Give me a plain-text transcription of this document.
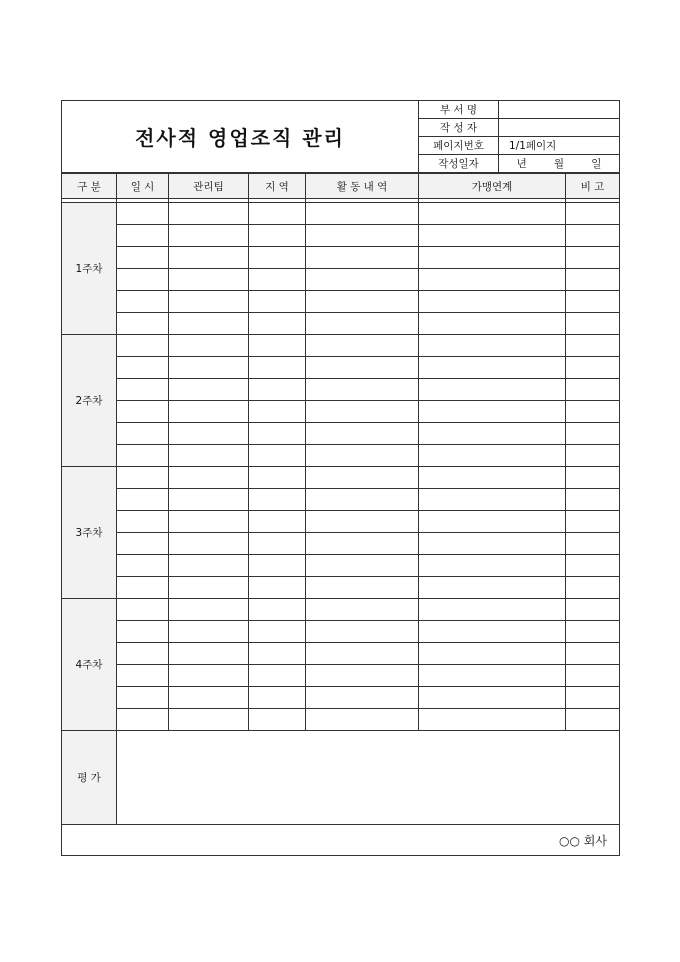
전사적 영업조직 관리	부 서 명	
	작 성 자	
	페이지번호	1/1페이지
	작성일자	년 월 일
구 분	일 시	관리팀	지 역	활 동 내 역	가맹연계	비 고

1주차						

2주차						

3주차						

4주차						

평 가						
○○ 회사						
